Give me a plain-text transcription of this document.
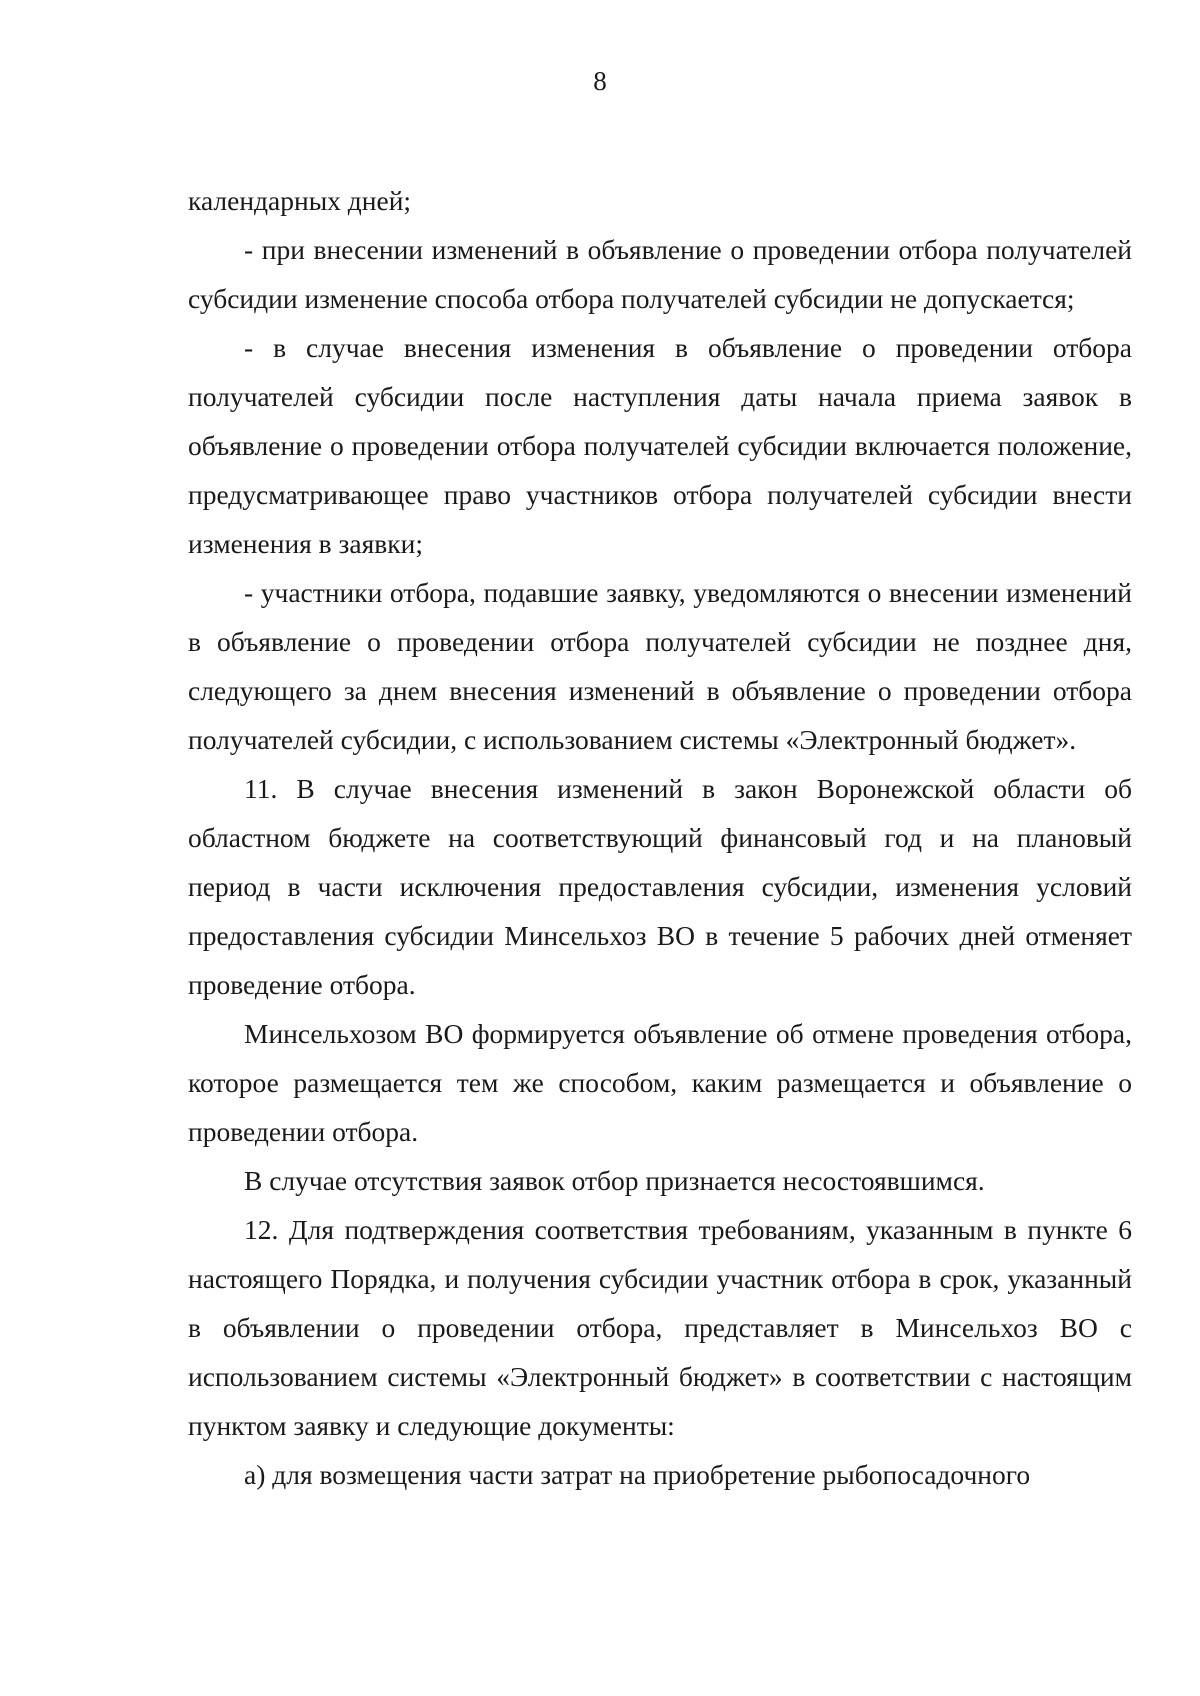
8

календарных дней;

- при внесении изменений в объявление о проведении отбора получателей субсидии изменение способа отбора получателей субсидии не допускается;

- в случае внесения изменения в объявление о проведении отбора получателей субсидии после наступления даты начала приема заявок в объявление о проведении отбора получателей субсидии включается положение, предусматривающее право участников отбора получателей субсидии внести изменения в заявки;

- участники отбора, подавшие заявку, уведомляются о внесении изменений в объявление о проведении отбора получателей субсидии не позднее дня, следующего за днем внесения изменений в объявление о проведении отбора получателей субсидии, с использованием системы «Электронный бюджет».

11. В случае внесения изменений в закон Воронежской области об областном бюджете на соответствующий финансовый год и на плановый период в части исключения предоставления субсидии, изменения условий предоставления субсидии Минсельхоз ВО в течение 5 рабочих дней отменяет проведение отбора.

Минсельхозом ВО формируется объявление об отмене проведения отбора, которое размещается тем же способом, каким размещается и объявление о проведении отбора.

В случае отсутствия заявок отбор признается несостоявшимся.

12. Для подтверждения соответствия требованиям, указанным в пункте 6 настоящего Порядка, и получения субсидии участник отбора в срок, указанный в объявлении о проведении отбора, представляет в Минсельхоз ВО с использованием системы «Электронный бюджет» в соответствии с настоящим пунктом заявку и следующие документы:

а) для возмещения части затрат на приобретение рыбопосадочного
